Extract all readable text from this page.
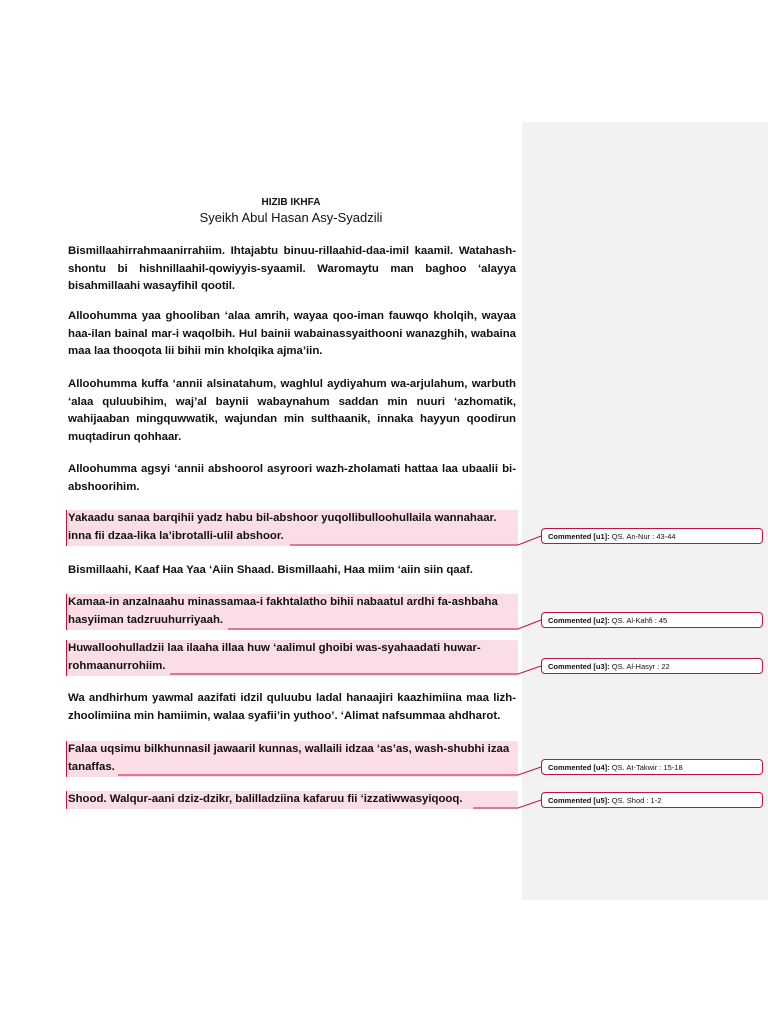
HIZIB IKHFA
Syeikh Abul Hasan Asy-Syadzili
Bismillaahirrahmaanirrahiim. Ihtajabtu binuu-rillaahid-daa-imil kaamil. Watahash-shontu bi hishnillaahil-qowiyyis-syaamil. Waromaytu man baghoo ‘alayya bisahmillaahi wasayfihil qootil.
Alloohumma yaa ghooliban ‘alaa amrih, wayaa qoo-iman fauwqo kholqih, wayaa haa-ilan bainal mar-i waqolbih. Hul bainii wabainassyaithooni wanazghih, wabaina maa laa thooqota lii bihii min kholqika ajma’iin.
Alloohumma kuffa ‘annii alsinatahum, waghlul aydiyahum wa-arjulahum, warbuth ‘alaa quluubihim, waj’al baynii wabaynahum saddan min nuuri ‘azhomatik, wahijaaban mingquwwatik, wajundan min sulthaanik, innaka hayyun qoodirun muqtadirun qohhaar.
Alloohumma agsyi ‘annii abshoorol asyroori wazh-zholamati hattaa laa ubaalii bi-abshoorihim.
Yakaadu sanaa barqihii yadz habu bil-abshoor yuqollibulloohullaila wannahaar. inna fii dzaa-lika la’ibrotalli-ulil abshoor.
Bismillaahi, Kaaf Haa Yaa ‘Aiin Shaad. Bismillaahi, Haa miim ‘aiin siin qaaf.
Kamaa-in anzalnaahu minassamaa-i fakhtalatho bihii nabaatul ardhi fa-ashbaha hasyiiman tadzruuhurriyaah.
Huwalloohulladzii laa ilaaha illaa huw ‘aalimul ghoibi was-syahaadati huwar-rohmaanurrohiim.
Wa andhirhum yawmal aazifati idzil quluubu ladal hanaajiri kaazhimiina maa lizh-zhoolimiina min hamiimin, walaa syafii’in yuthoo’. ‘Alimat nafsummaa ahdharot.
Falaa uqsimu bilkhunnasil jawaaril kunnas, wallaili idzaa ‘as’as, wash-shubhi izaa tanaffas.
Shood. Walqur-aani dziz-dzikr, balilladziina kafaruu fii ‘izzatiwwasyiqooq.
Commented [u1]: QS. An-Nur : 43-44
Commented [u2]: QS. Al-Kahfi : 45
Commented [u3]: QS. Al-Hasyr : 22
Commented [u4]: QS. At-Takwir : 15-18
Commented [u5]: QS. Shod : 1-2
